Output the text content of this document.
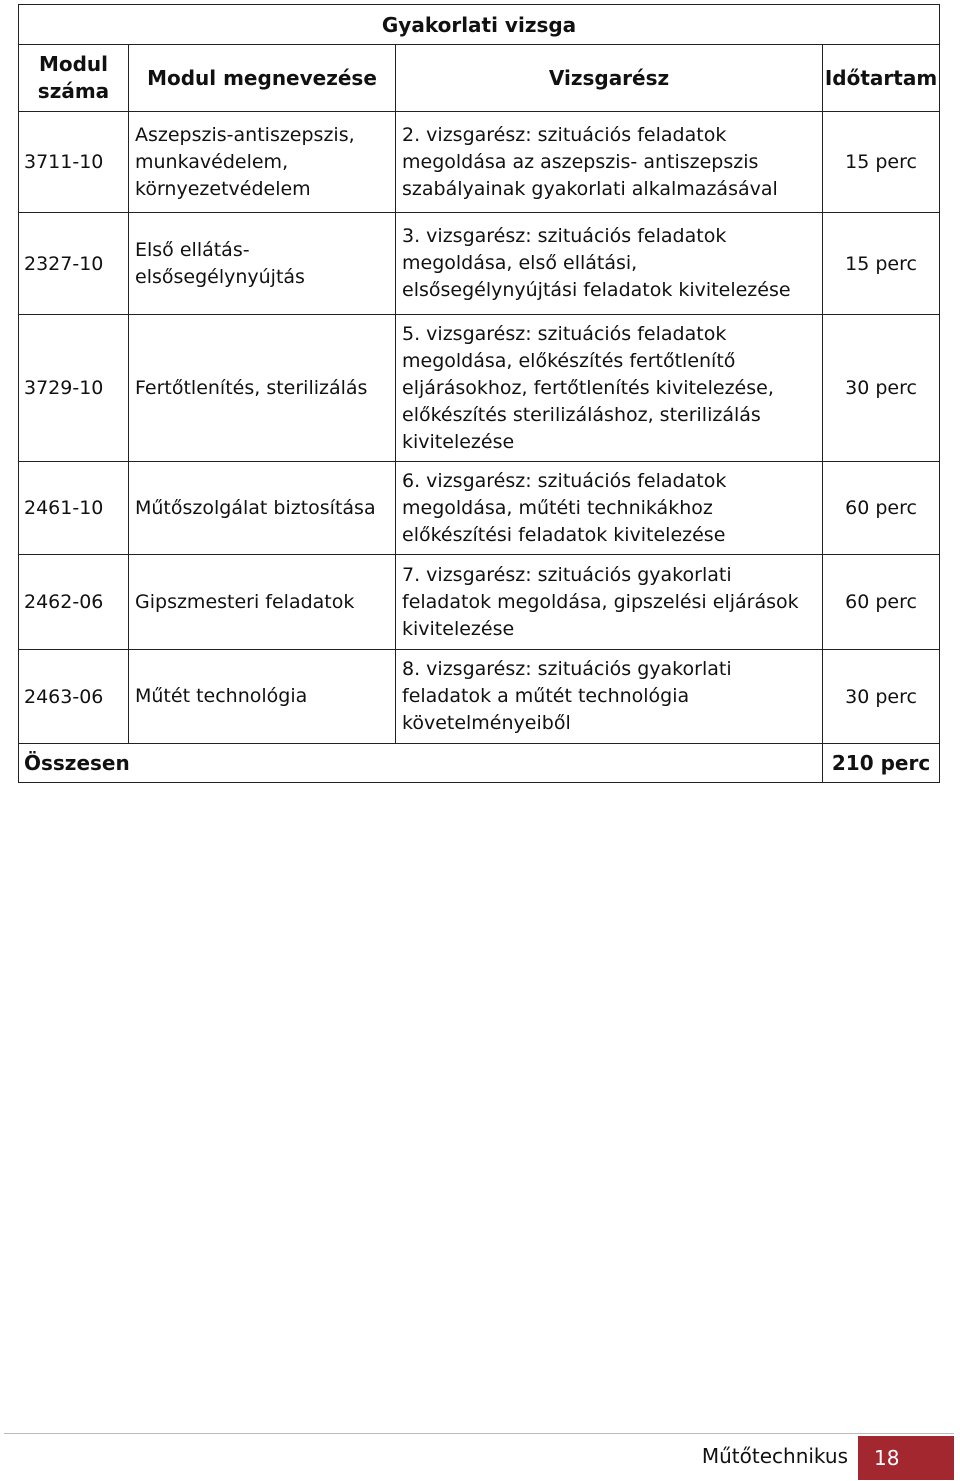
Gyakorlati vizsga			
Modul száma	Modul megnevezése	Vizsgarész	Időtartam
3711-10	Aszepszis-antiszepszis, munkavédelem, környezetvédelem	2. vizsgarész: szituációs feladatok megoldása az aszepszis- antiszepszis szabályainak gyakorlati alkalmazásával	15 perc
2327-10	Első ellátás-elsősegélynyújtás	3. vizsgarész: szituációs feladatok megoldása, első ellátási, elsősegélynyújtási feladatok kivitelezése	15 perc
3729-10	Fertőtlenítés, sterilizálás	5. vizsgarész: szituációs feladatok megoldása, előkészítés fertőtlenítő eljárásokhoz, fertőtlenítés kivitelezése, előkészítés sterilizáláshoz, sterilizálás kivitelezése	30 perc
2461-10	Műtőszolgálat biztosítása	6. vizsgarész: szituációs feladatok megoldása, műtéti technikákhoz előkészítési feladatok kivitelezése	60 perc
2462-06	Gipszmesteri feladatok	7. vizsgarész: szituációs gyakorlati feladatok megoldása, gipszelési eljárások kivitelezése	60 perc
2463-06	Műtét technológia	8. vizsgarész: szituációs gyakorlati feladatok a műtét technológia követelményeiből	30 perc
Összesen			210 perc
Műtőtechnikus 18
